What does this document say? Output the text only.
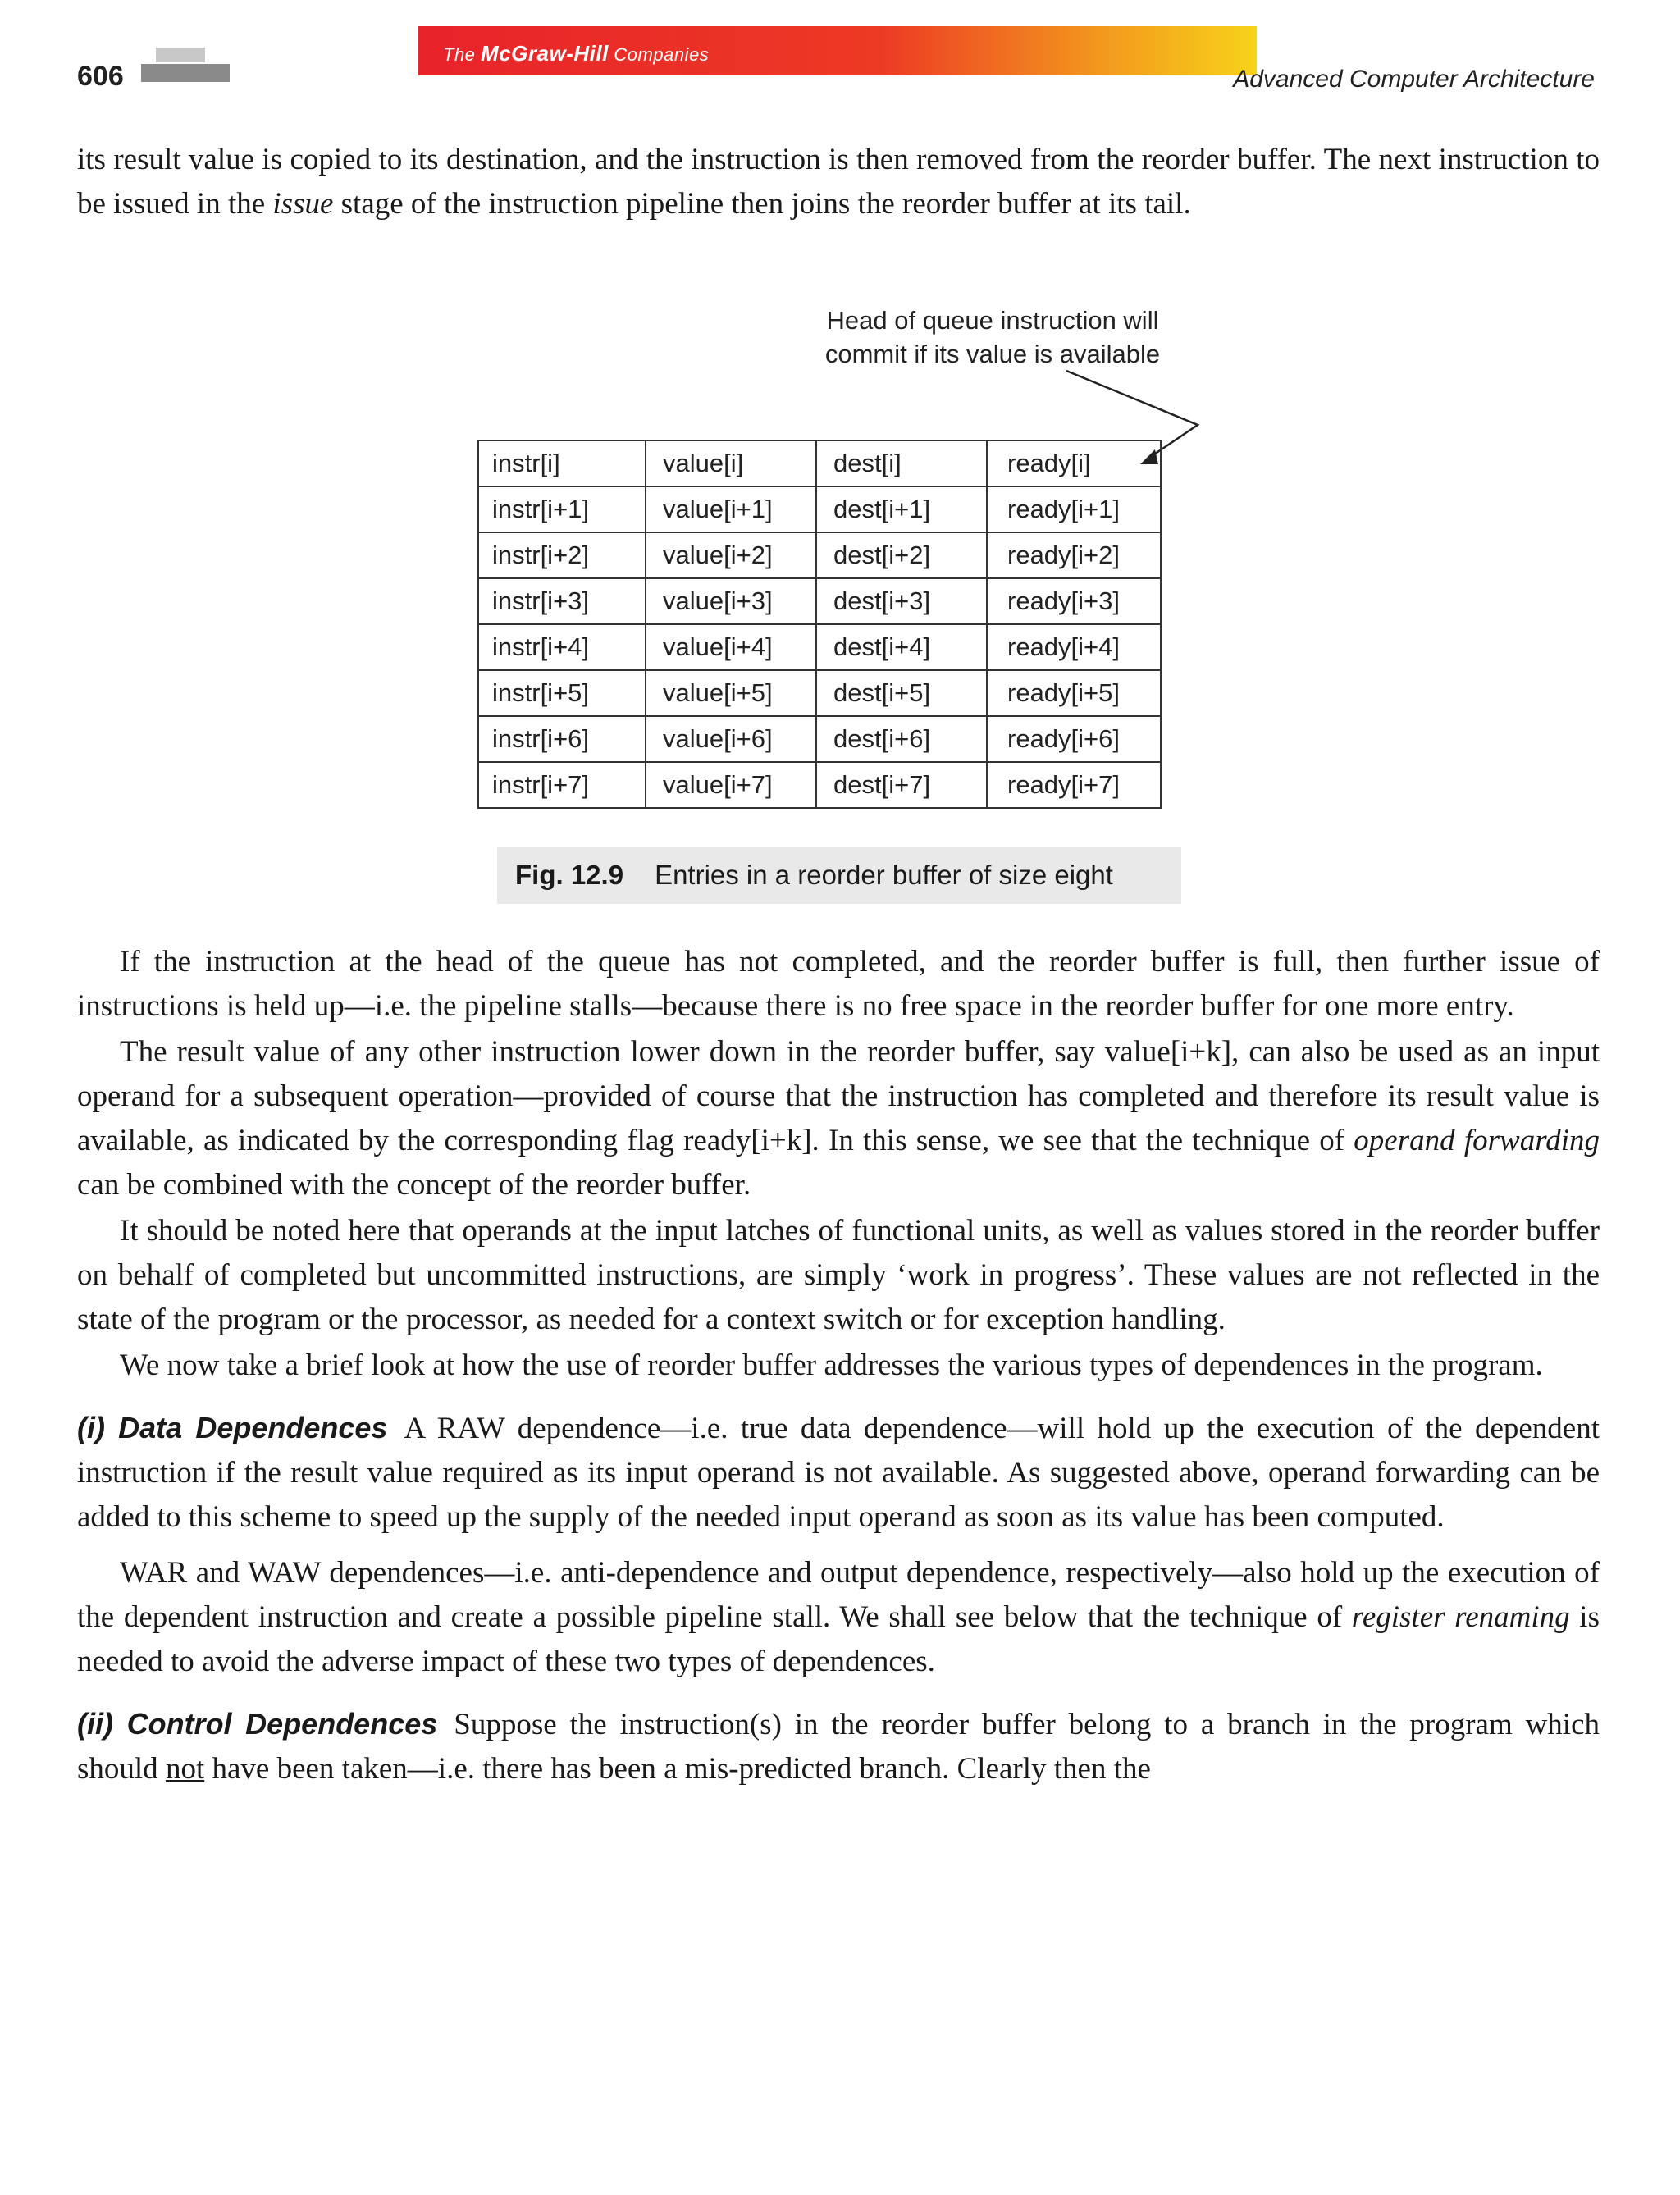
606
The McGraw-Hill Companies
Advanced Computer Architecture

its result value is copied to its destination, and the instruction is then removed from the reorder buffer. The next instruction to be issued in the issue stage of the instruction pipeline then joins the reorder buffer at its tail.

Head of queue instruction will
commit if its value is available
instr[i]	value[i]	dest[i]	ready[i]
instr[i+1]	value[i+1]	dest[i+1]	ready[i+1]
instr[i+2]	value[i+2]	dest[i+2]	ready[i+2]
instr[i+3]	value[i+3]	dest[i+3]	ready[i+3]
instr[i+4]	value[i+4]	dest[i+4]	ready[i+4]
instr[i+5]	value[i+5]	dest[i+5]	ready[i+5]
instr[i+6]	value[i+6]	dest[i+6]	ready[i+6]
instr[i+7]	value[i+7]	dest[i+7]	ready[i+7]
Fig. 12.9 Entries in a reorder buffer of size eight

If the instruction at the head of the queue has not completed, and the reorder buffer is full, then further issue of instructions is held up—i.e. the pipeline stalls—because there is no free space in the reorder buffer for one more entry.

The result value of any other instruction lower down in the reorder buffer, say value[i+k], can also be used as an input operand for a subsequent operation—provided of course that the instruction has completed and therefore its result value is available, as indicated by the corresponding flag ready[i+k]. In this sense, we see that the technique of operand forwarding can be combined with the concept of the reorder buffer.

It should be noted here that operands at the input latches of functional units, as well as values stored in the reorder buffer on behalf of completed but uncommitted instructions, are simply ‘work in progress’. These values are not reflected in the state of the program or the processor, as needed for a context switch or for exception handling.

We now take a brief look at how the use of reorder buffer addresses the various types of dependences in the program.

(i) Data Dependences A RAW dependence—i.e. true data dependence—will hold up the execution of the dependent instruction if the result value required as its input operand is not available. As suggested above, operand forwarding can be added to this scheme to speed up the supply of the needed input operand as soon as its value has been computed.

WAR and WAW dependences—i.e. anti-dependence and output dependence, respectively—also hold up the execution of the dependent instruction and create a possible pipeline stall. We shall see below that the technique of register renaming is needed to avoid the adverse impact of these two types of dependences.

(ii) Control Dependences Suppose the instruction(s) in the reorder buffer belong to a branch in the program which should not have been taken—i.e. there has been a mis-predicted branch. Clearly then the
